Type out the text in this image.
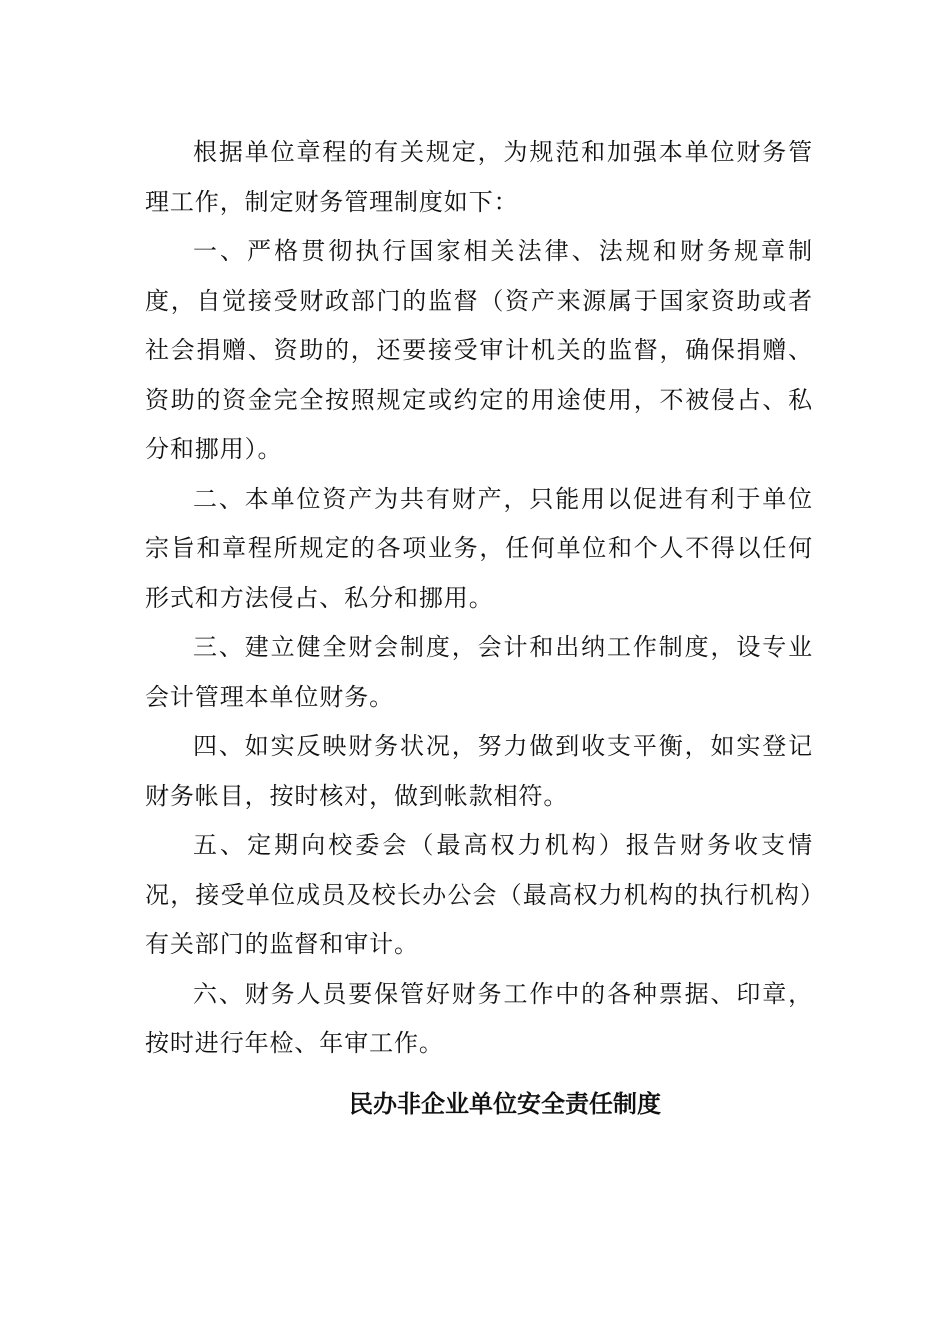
根据单位章程的有关规定，为规范和加强本单位财务管理工作，制定财务管理制度如下：

一、严格贯彻执行国家相关法律、法规和财务规章制度，自觉接受财政部门的监督（资产来源属于国家资助或者社会捐赠、资助的，还要接受审计机关的监督，确保捐赠、资助的资金完全按照规定或约定的用途使用，不被侵占、私分和挪用）。

二、本单位资产为共有财产，只能用以促进有利于单位宗旨和章程所规定的各项业务，任何单位和个人不得以任何形式和方法侵占、私分和挪用。

三、建立健全财会制度，会计和出纳工作制度，设专业会计管理本单位财务。

四、如实反映财务状况，努力做到收支平衡，如实登记财务帐目，按时核对，做到帐款相符。

五、定期向校委会（最高权力机构）报告财务收支情况，接受单位成员及校长办公会（最高权力机构的执行机构）有关部门的监督和审计。

六、财务人员要保管好财务工作中的各种票据、印章，按时进行年检、年审工作。

民办非企业单位安全责任制度
